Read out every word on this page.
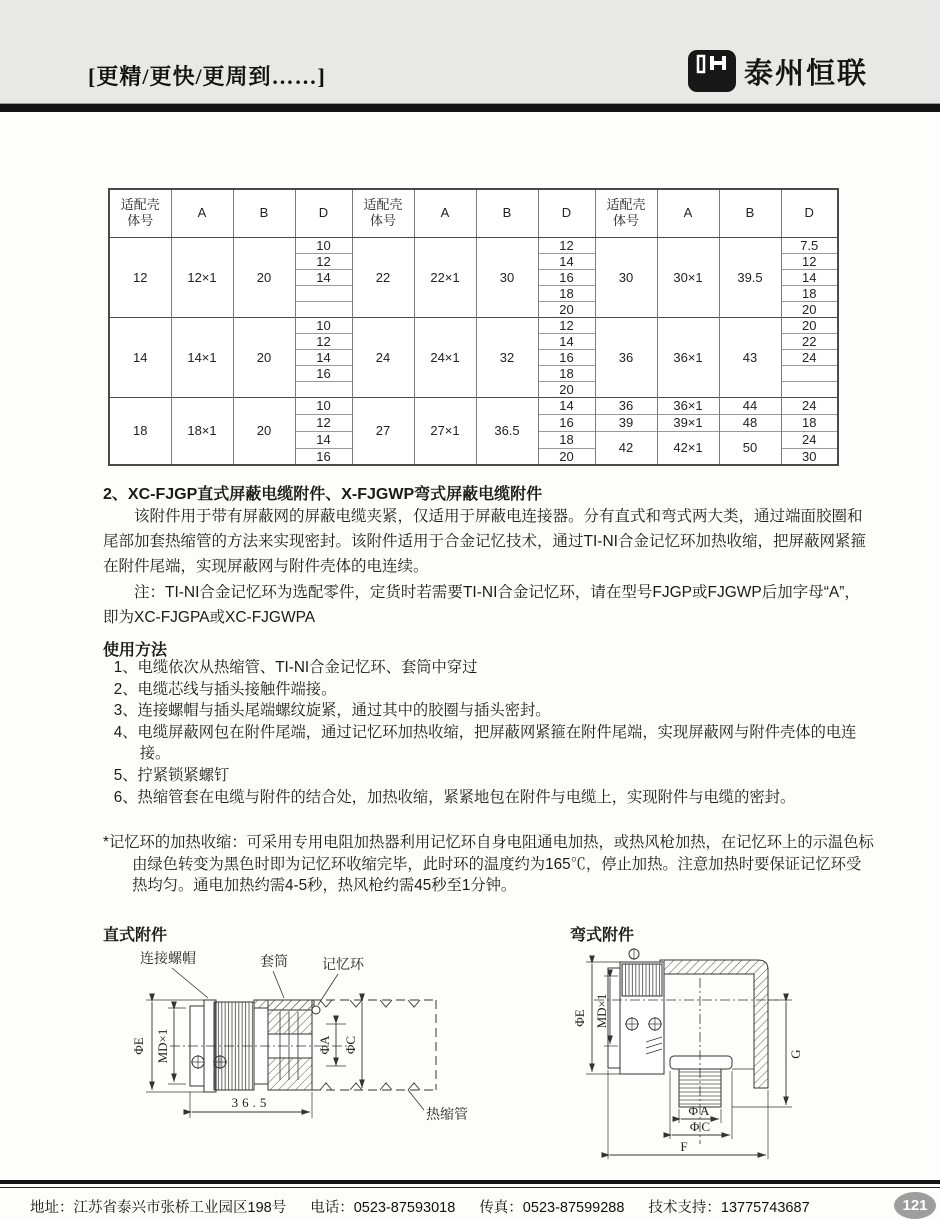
[更精/更快/更周到……]	泰州恒联
适配壳体号	A	B	D	适配壳体号	A	B	D	适配壳体号	A	B	D
12	12×1	20	10	22	22×1	30	12	30	30×1	39.5	7.5
			12				14				12
			14				16				14
							18				18
							20				20
14	14×1	20	10	24	24×1	32	12	36	36×1	43	20
			12				14				22
			14				16				24
			16				18				
							20				
18	18×1	20	10	27	27×1	36.5	14	36	36×1	44	24
			12				16	39	39×1	48	18
			14				18	42	42×1	50	24
			16				20				30
2、XC-FJGP直式屏蔽电缆附件、X-FJGWP弯式屏蔽电缆附件
该附件用于带有屏蔽网的屏蔽电缆夹紧，仅适用于屏蔽电连接器。分有直式和弯式两大类，通过端面胶圈和尾部加套热缩管的方法来实现密封。该附件适用于合金记忆技术，通过TI-NI合金记忆环加热收缩，把屏蔽网紧箍在附件尾端，实现屏蔽网与附件壳体的电连续。
注：TI-NI合金记忆环为选配零件，定货时若需要TI-NI合金记忆环，请在型号FJGP或FJGWP后加字母“A”，即为XC-FJGPA或XC-FJGWPA
使用方法
1、电缆依次从热缩管、TI-NI合金记忆环、套筒中穿过
2、电缆芯线与插头接触件端接。
3、连接螺帽与插头尾端螺纹旋紧，通过其中的胶圈与插头密封。
4、电缆屏蔽网包在附件尾端，通过记忆环加热收缩，把屏蔽网紧箍在附件尾端，实现屏蔽网与附件壳体的电连接。
5、拧紧锁紧螺钉
6、热缩管套在电缆与附件的结合处，加热收缩，紧紧地包在附件与电缆上，实现附件与电缆的密封。
*记忆环的加热收缩：可采用专用电阻加热器利用记忆环自身电阻通电加热，或热风枪加热，在记忆环上的示温色标由绿色转变为黑色时即为记忆环收缩完毕，此时环的温度约为165℃，停止加热。注意加热时要保证记忆环受热均匀。通电加热约需4-5秒，热风枪约需45秒至1分钟。
直式附件	弯式附件
连接螺帽	套筒 记忆环
ΦE MD×1	ΦA ΦC
36.5
热缩管
ΦE MD×1
G
ΦA
ΦC
F
地址：江苏省泰兴市张桥工业园区198号 电话：0523-87593018 传真：0523-87599288 技术支持：13775743687	121
